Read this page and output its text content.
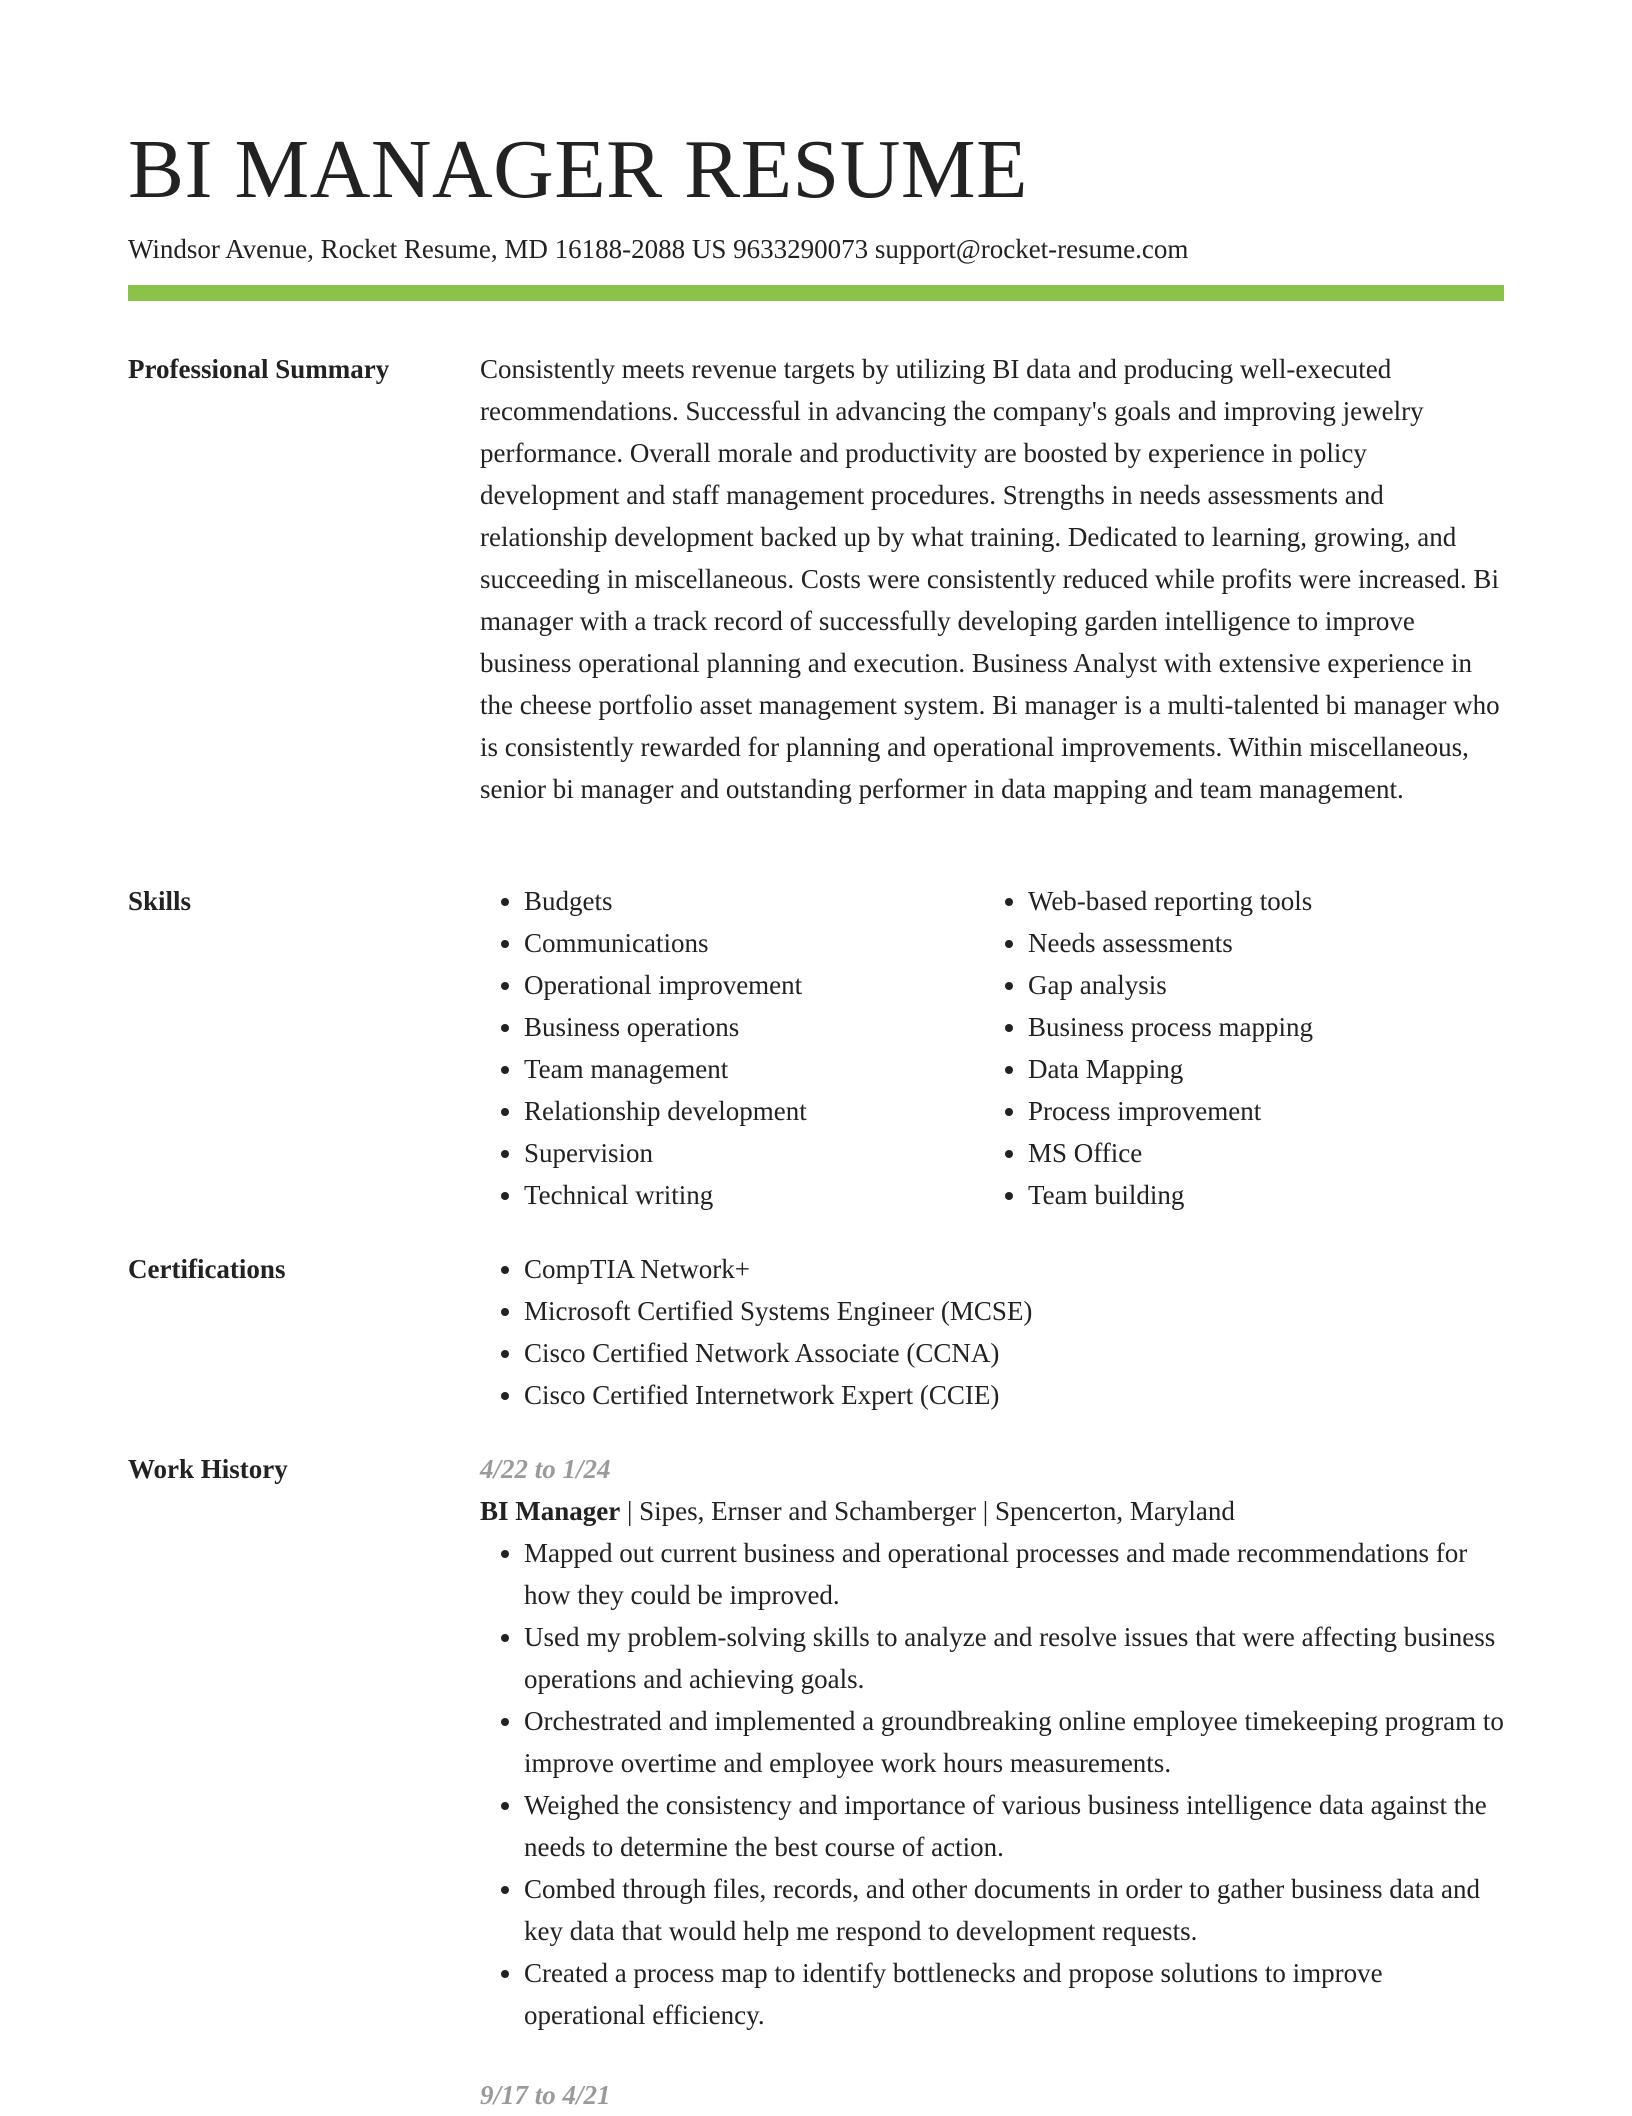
BI MANAGER RESUME
Windsor Avenue, Rocket Resume, MD 16188-2088 US 9633290073 support@rocket-resume.com
Professional Summary	Consistently meets revenue targets by utilizing BI data and producing well-executed recommendations. Successful in advancing the company's goals and improving jewelry performance. Overall morale and productivity are boosted by experience in policy development and staff management procedures. Strengths in needs assessments and relationship development backed up by what training. Dedicated to learning, growing, and succeeding in miscellaneous. Costs were consistently reduced while profits were increased. Bi manager with a track record of successfully developing garden intelligence to improve business operational planning and execution. Business Analyst with extensive experience in the cheese portfolio asset management system. Bi manager is a multi-talented bi manager who is consistently rewarded for planning and operational improvements. Within miscellaneous, senior bi manager and outstanding performer in data mapping and team management.

Skills	• Budgets
• Communications
• Operational improvement
• Business operations
• Team management
• Relationship development
• Supervision
• Technical writing
• Web-based reporting tools
• Needs assessments
• Gap analysis
• Business process mapping
• Data Mapping
• Process improvement
• MS Office
• Team building
Certifications	• CompTIA Network+
• Microsoft Certified Systems Engineer (MCSE)
• Cisco Certified Network Associate (CCNA)
• Cisco Certified Internetwork Expert (CCIE)
Work History	4/22 to 1/24
BI Manager | Sipes, Ernser and Schamberger | Spencerton, Maryland
• Mapped out current business and operational processes and made recommendations for how they could be improved.
• Used my problem-solving skills to analyze and resolve issues that were affecting business operations and achieving goals.
• Orchestrated and implemented a groundbreaking online employee timekeeping program to improve overtime and employee work hours measurements.
• Weighed the consistency and importance of various business intelligence data against the needs to determine the best course of action.
• Combed through files, records, and other documents in order to gather business data and key data that would help me respond to development requests.
• Created a process map to identify bottlenecks and propose solutions to improve operational efficiency.
9/17 to 4/21
